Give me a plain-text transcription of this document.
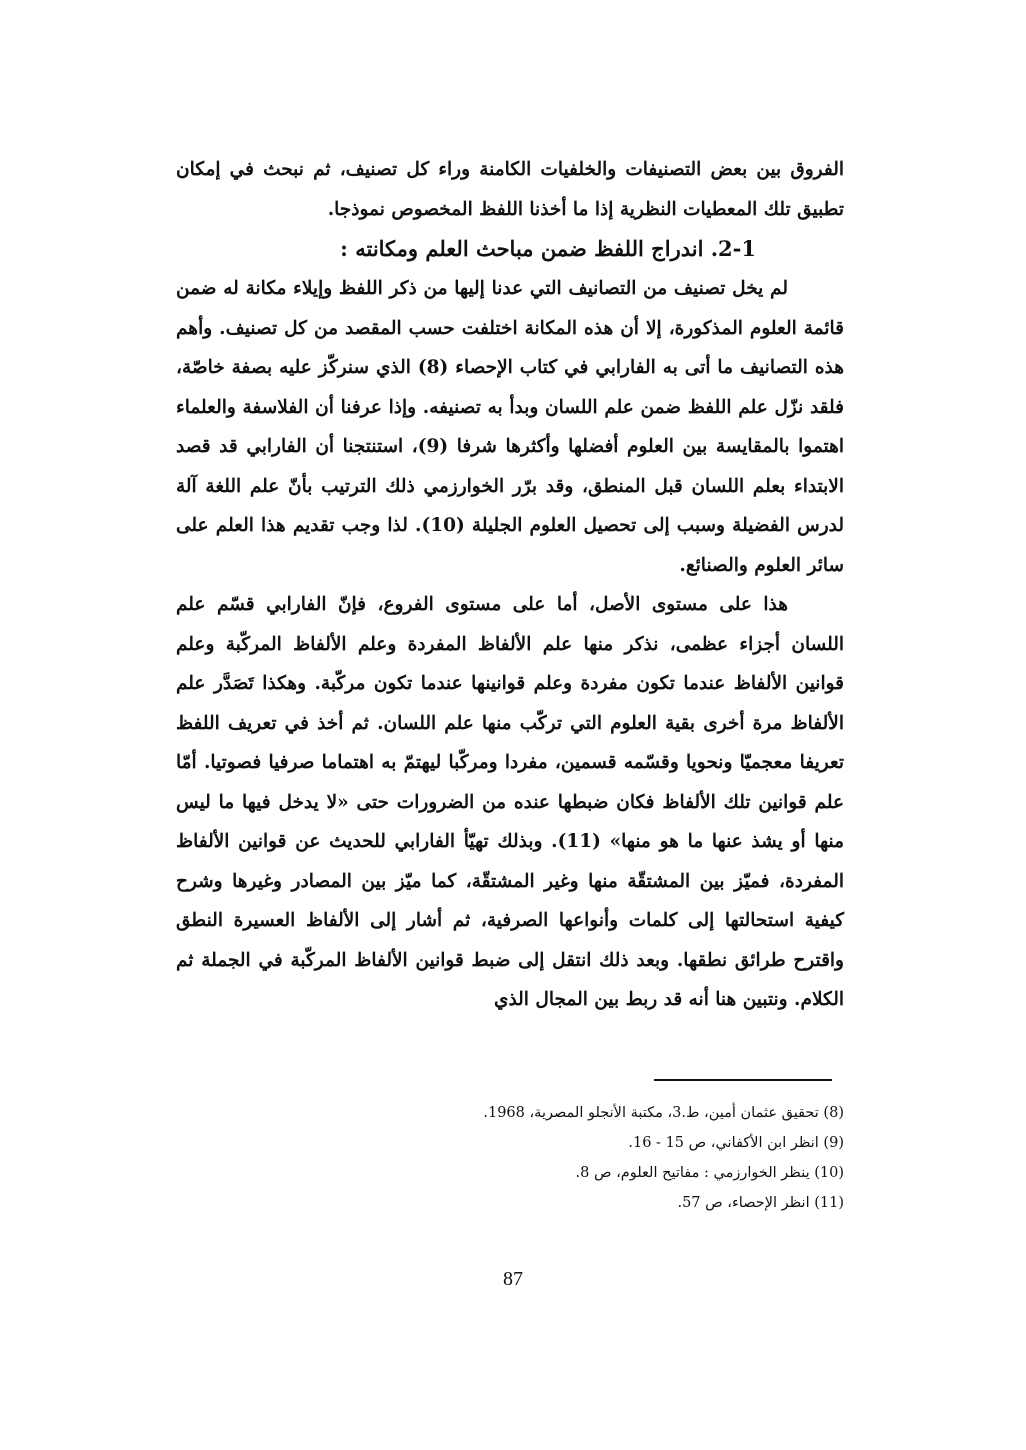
الفروق بين بعض التصنيفات والخلفيات الكامنة وراء كل تصنيف، ثم نبحث في إمكان تطبيق تلك المعطيات النظرية إذا ما أخذنا اللفظ المخصوص نموذجا.

2-1. اندراج اللفظ ضمن مباحث العلم ومكانته :

لم يخل تصنيف من التصانيف التي عدنا إليها من ذكر اللفظ وإيلاء مكانة له ضمن قائمة العلوم المذكورة، إلا أن هذه المكانة اختلفت حسب المقصد من كل تصنيف. وأهم هذه التصانيف ما أتى به الفارابي في كتاب الإحصاء (8) الذي سنركّز عليه بصفة خاصّة، فلقد نزّل علم اللفظ ضمن علم اللسان وبدأ به تصنيفه. وإذا عرفنا أن الفلاسفة والعلماء اهتموا بالمقايسة بين العلوم أفضلها وأكثرها شرفا (9)، استنتجنا أن الفارابي قد قصد الابتداء بعلم اللسان قبل المنطق، وقد برّر الخوارزمي ذلك الترتيب بأنّ علم اللغة آلة لدرس الفضيلة وسبب إلى تحصيل العلوم الجليلة (10). لذا وجب تقديم هذا العلم على سائر العلوم والصنائع.

هذا على مستوى الأصل، أما على مستوى الفروع، فإنّ الفارابي قسّم علم اللسان أجزاء عظمى، نذكر منها علم الألفاظ المفردة وعلم الألفاظ المركّبة وعلم قوانين الألفاظ عندما تكون مفردة وعلم قوانينها عندما تكون مركّبة. وهكذا تَصَدَّر علم الألفاظ مرة أخرى بقية العلوم التي تركّب منها علم اللسان. ثم أخذ في تعريف اللفظ تعريفا معجميّا ونحويا وقسّمه قسمين، مفردا ومركّبا ليهتمّ به اهتماما صرفيا فصوتيا. أمّا علم قوانين تلك الألفاظ فكان ضبطها عنده من الضرورات حتى «لا يدخل فيها ما ليس منها أو يشذ عنها ما هو منها» (11). وبذلك تهيّأ الفارابي للحديث عن قوانين الألفاظ المفردة، فميّز بين المشتقّة منها وغير المشتقّة، كما ميّز بين المصادر وغيرها وشرح كيفية استحالتها إلى كلمات وأنواعها الصرفية، ثم أشار إلى الألفاظ العسيرة النطق واقترح طرائق نطقها. وبعد ذلك انتقل إلى ضبط قوانين الألفاظ المركّبة في الجملة ثم الكلام. ونتبين هنا أنه قد ربط بين المجال الذي

(8) تحقيق عثمان أمين، ط.3، مكتبة الأنجلو المصرية، 1968.

(9) انظر ابن الأكفاني، ص 15 - 16.

(10) ينظر الخوارزمي : مفاتيح العلوم، ص 8.

(11) انظر الإحصاء، ص 57.

87
